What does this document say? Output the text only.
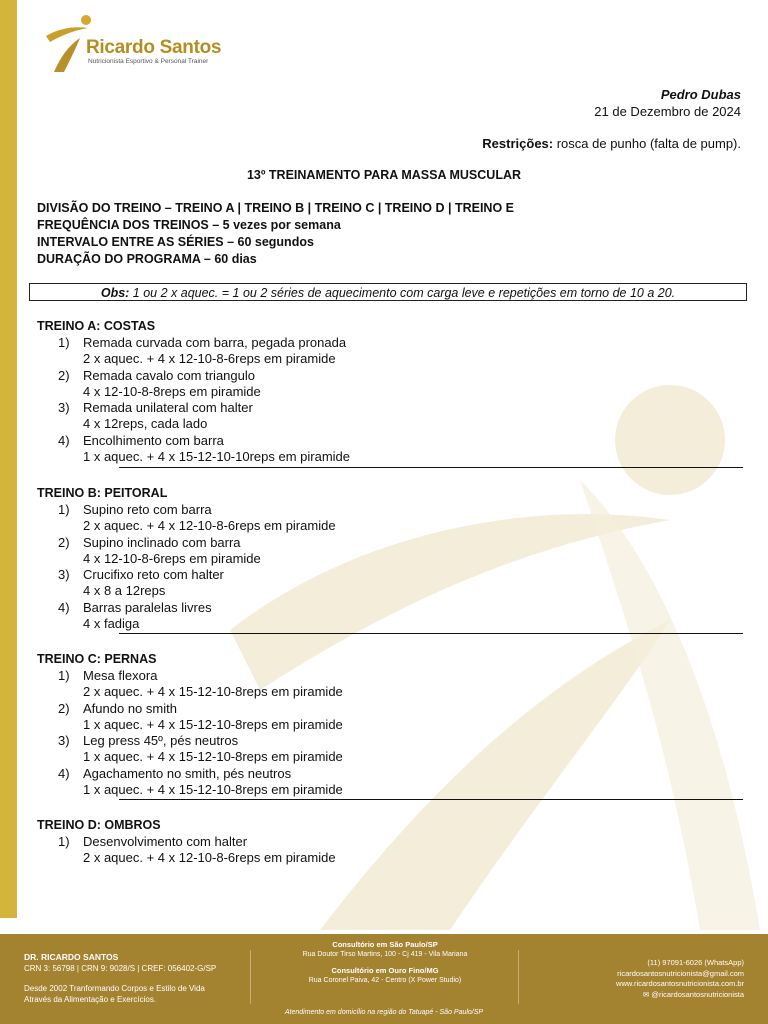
Ricardo Santos
Nutricionista Esportivo & Personal Trainer
Pedro Dubas
21 de Dezembro de 2024
Restrições: rosca de punho (falta de pump).
13º TREINAMENTO PARA MASSA MUSCULAR
DIVISÃO DO TREINO – TREINO A | TREINO B | TREINO C | TREINO D | TREINO E
FREQUÊNCIA DOS TREINOS – 5 vezes por semana
INTERVALO ENTRE AS SÉRIES – 60 segundos
DURAÇÃO DO PROGRAMA – 60 dias
Obs: 1 ou 2 x aquec. = 1 ou 2 séries de aquecimento com carga leve e repetições em torno de 10 a 20.
TREINO A: COSTAS
1) Remada curvada com barra, pegada pronada
2 x aquec. + 4 x 12-10-8-6reps em piramide
2) Remada cavalo com triangulo
4 x 12-10-8-8reps em piramide
3) Remada unilateral com halter
4 x 12reps, cada lado
4) Encolhimento com barra
1 x aquec. + 4 x 15-12-10-10reps em piramide
TREINO B: PEITORAL
1) Supino reto com barra
2 x aquec. + 4 x 12-10-8-6reps em piramide
2) Supino inclinado com barra
4 x 12-10-8-6reps em piramide
3) Crucifixo reto com halter
4 x 8 a 12reps
4) Barras paralelas livres
4 x fadiga
TREINO C: PERNAS
1) Mesa flexora
2 x aquec. + 4 x 15-12-10-8reps em piramide
2) Afundo no smith
1 x aquec. + 4 x 15-12-10-8reps em piramide
3) Leg press 45º, pés neutros
1 x aquec. + 4 x 15-12-10-8reps em piramide
4) Agachamento no smith, pés neutros
1 x aquec. + 4 x 15-12-10-8reps em piramide
TREINO D: OMBROS
1) Desenvolvimento com halter
2 x aquec. + 4 x 12-10-8-6reps em piramide
DR. RICARDO SANTOS
CRN 3: 56798 | CRN 9: 9028/S | CREF: 056402-G/SP
Desde 2002 Tranformando Corpos e Estilo de Vida
Através da Alimentação e Exercícios.
Consultório em São Paulo/SP
Rua Doutor Tirso Martins, 100 - Cj 419 - Vila Mariana
Consultório em Ouro Fino/MG
Rua Coronel Paiva, 42 - Centro (X Power Studio)
(11) 97091-6026 (WhatsApp)
ricardosantosnutricionista@gmail.com
www.ricardosantosnutricionista.com.br
✉ @ricardosantosnutricionista
Atendimento em domicílio na região do Tatuapé - São Paulo/SP
